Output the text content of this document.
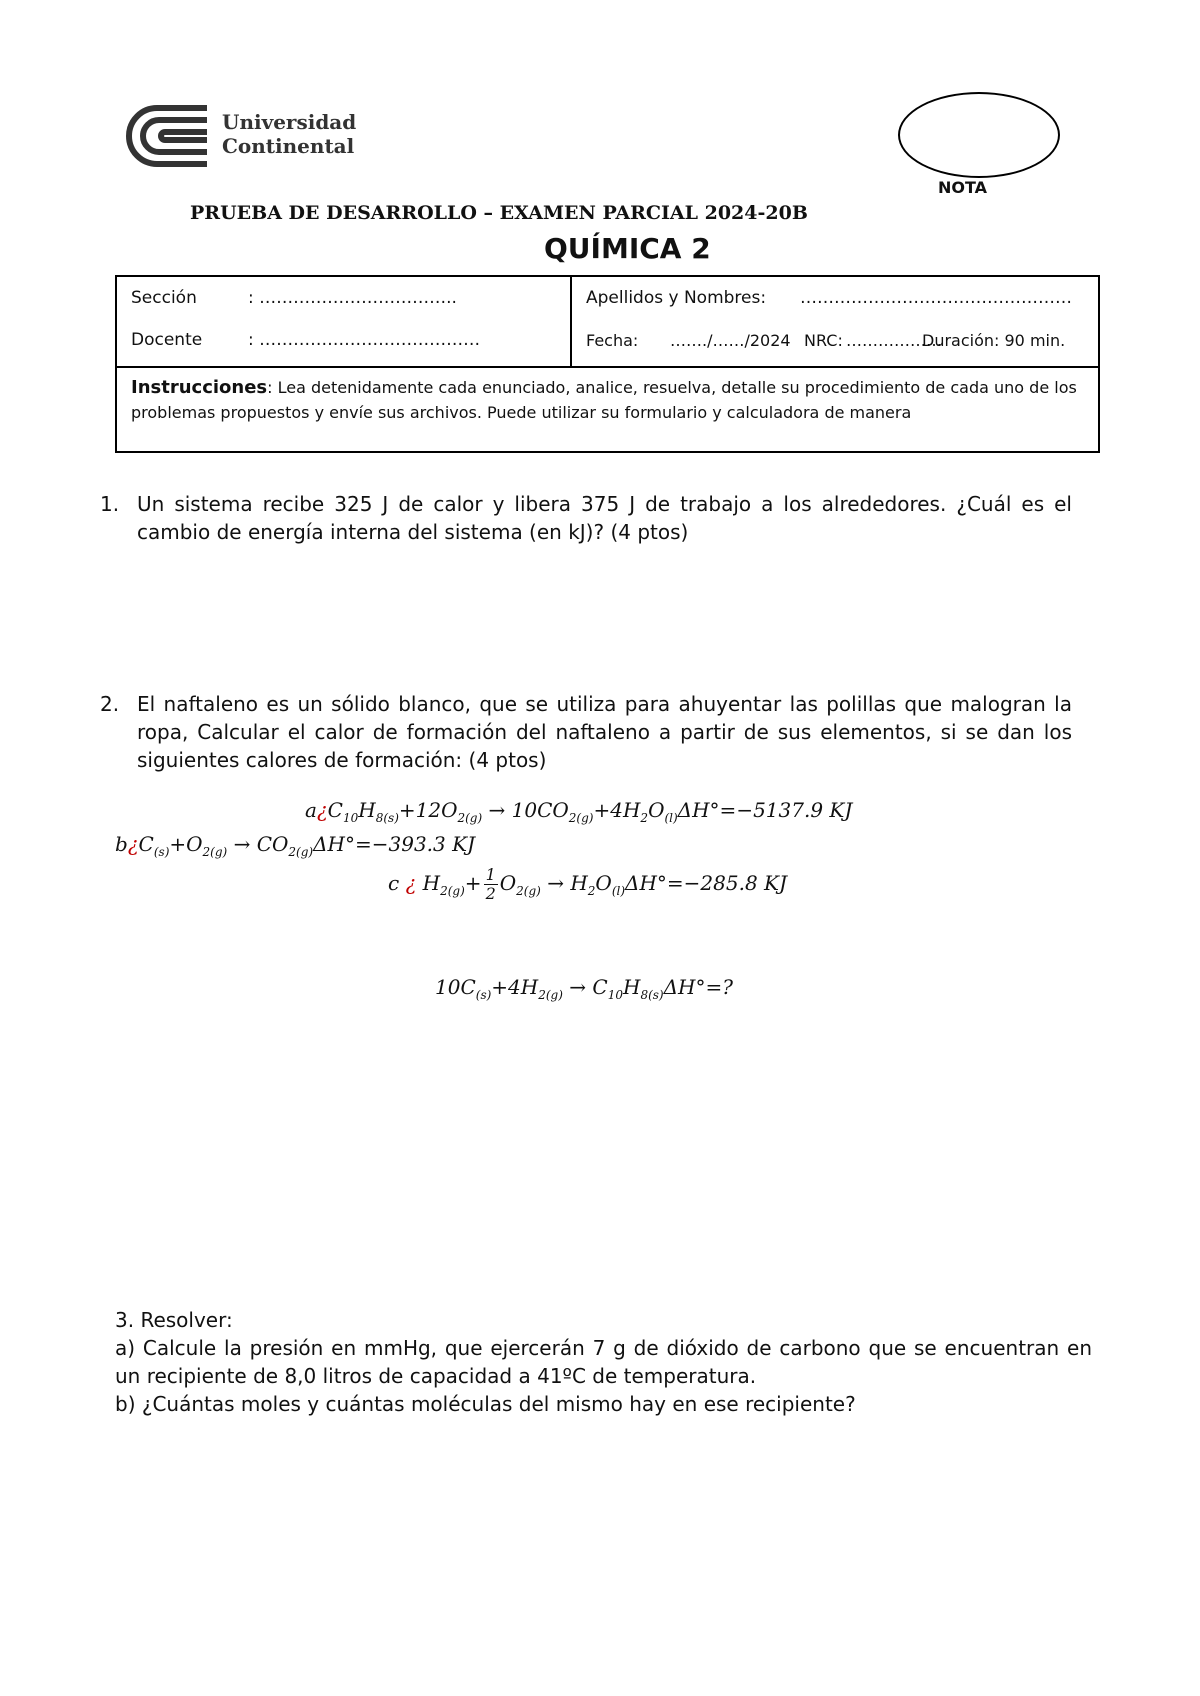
Universidad
Continental
NOTA
PRUEBA DE DESARROLLO – EXAMEN PARCIAL 2024-20B
QUÍMICA 2
Sección	: ……………………………..
Docente	: …………………………………
Apellidos y Nombres: …………………………………………
Fecha: ……./……/2024 NRC: ………………
Duración: 90 min.
Instrucciones: Lea detenidamente cada enunciado, analice, resuelva, detalle su procedimiento de cada uno de los problemas propuestos y envíe sus archivos. Puede utilizar su formulario y calculadora de manera
1. Un sistema recibe 325 J de calor y libera 375 J de trabajo a los alrededores. ¿Cuál es el cambio de energía interna del sistema (en kJ)? (4 ptos)
2. El naftaleno es un sólido blanco, que se utiliza para ahuyentar las polillas que malogran la ropa, Calcular el calor de formación del naftaleno a partir de sus elementos, si se dan los siguientes calores de formación: (4 ptos)
$a¿C_{10}H_{8(s)}+12O_{2(g)} \to 10CO_{2(g)}+4H_2O_{(l)}\Delta H^\circ=-5137.9$ KJ
$b¿C_{(s)}+O_{2(g)} \to CO_{2(g)}\Delta H^\circ=-393.3$ KJ
c ¿ $H_{2(g)}+ \frac{1}{2} O_{2(g)} \to H_2O_{(l)}\Delta H^\circ=-285.8$ KJ
$10C_{(s)}+4H_{2(g)} \to C_{10}H_{8(s)}\Delta H^\circ=$?
3. Resolver:
a) Calcule la presión en mmHg, que ejercerán 7 g de dióxido de carbono que se encuentran en un recipiente de 8,0 litros de capacidad a 41ºC de temperatura.
b) ¿Cuántas moles y cuántas moléculas del mismo hay en ese recipiente?
